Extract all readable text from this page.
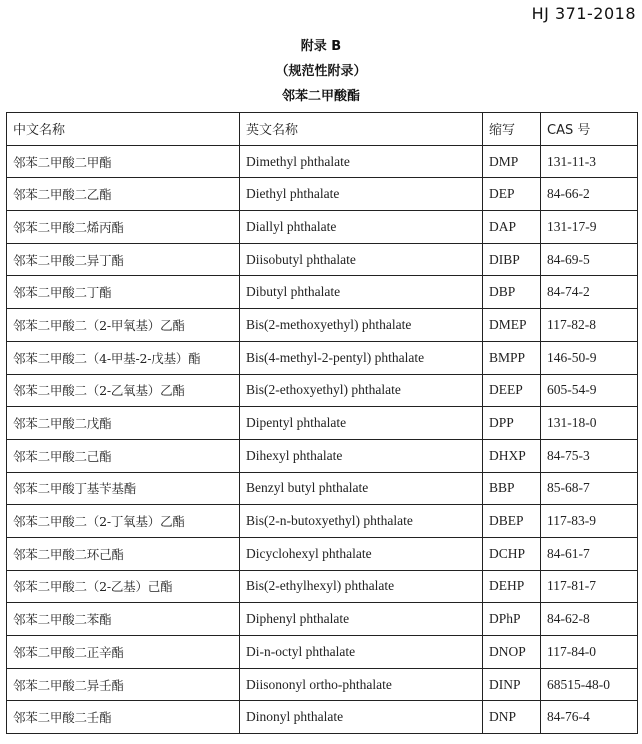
HJ 371-2018
附录 B
（规范性附录）
邻苯二甲酸酯
中文名称	英文名称	缩写	CAS 号
邻苯二甲酸二甲酯	Dimethyl phthalate	DMP	131-11-3
邻苯二甲酸二乙酯	Diethyl phthalate	DEP	84-66-2
邻苯二甲酸二烯丙酯	Diallyl phthalate	DAP	131-17-9
邻苯二甲酸二异丁酯	Diisobutyl phthalate	DIBP	84-69-5
邻苯二甲酸二丁酯	Dibutyl phthalate	DBP	84-74-2
邻苯二甲酸二（2-甲氧基）乙酯	Bis(2-methoxyethyl) phthalate	DMEP	117-82-8
邻苯二甲酸二（4-甲基-2-戊基）酯	Bis(4-methyl-2-pentyl) phthalate	BMPP	146-50-9
邻苯二甲酸二（2-乙氧基）乙酯	Bis(2-ethoxyethyl) phthalate	DEEP	605-54-9
邻苯二甲酸二戊酯	Dipentyl phthalate	DPP	131-18-0
邻苯二甲酸二己酯	Dihexyl phthalate	DHXP	84-75-3
邻苯二甲酸丁基苄基酯	Benzyl butyl phthalate	BBP	85-68-7
邻苯二甲酸二（2-丁氧基）乙酯	Bis(2-n-butoxyethyl) phthalate	DBEP	117-83-9
邻苯二甲酸二环己酯	Dicyclohexyl phthalate	DCHP	84-61-7
邻苯二甲酸二（2-乙基）己酯	Bis(2-ethylhexyl) phthalate	DEHP	117-81-7
邻苯二甲酸二苯酯	Diphenyl phthalate	DPhP	84-62-8
邻苯二甲酸二正辛酯	Di-n-octyl phthalate	DNOP	117-84-0
邻苯二甲酸二异壬酯	Diisononyl ortho-phthalate	DINP	68515-48-0
邻苯二甲酸二壬酯	Dinonyl phthalate	DNP	84-76-4
